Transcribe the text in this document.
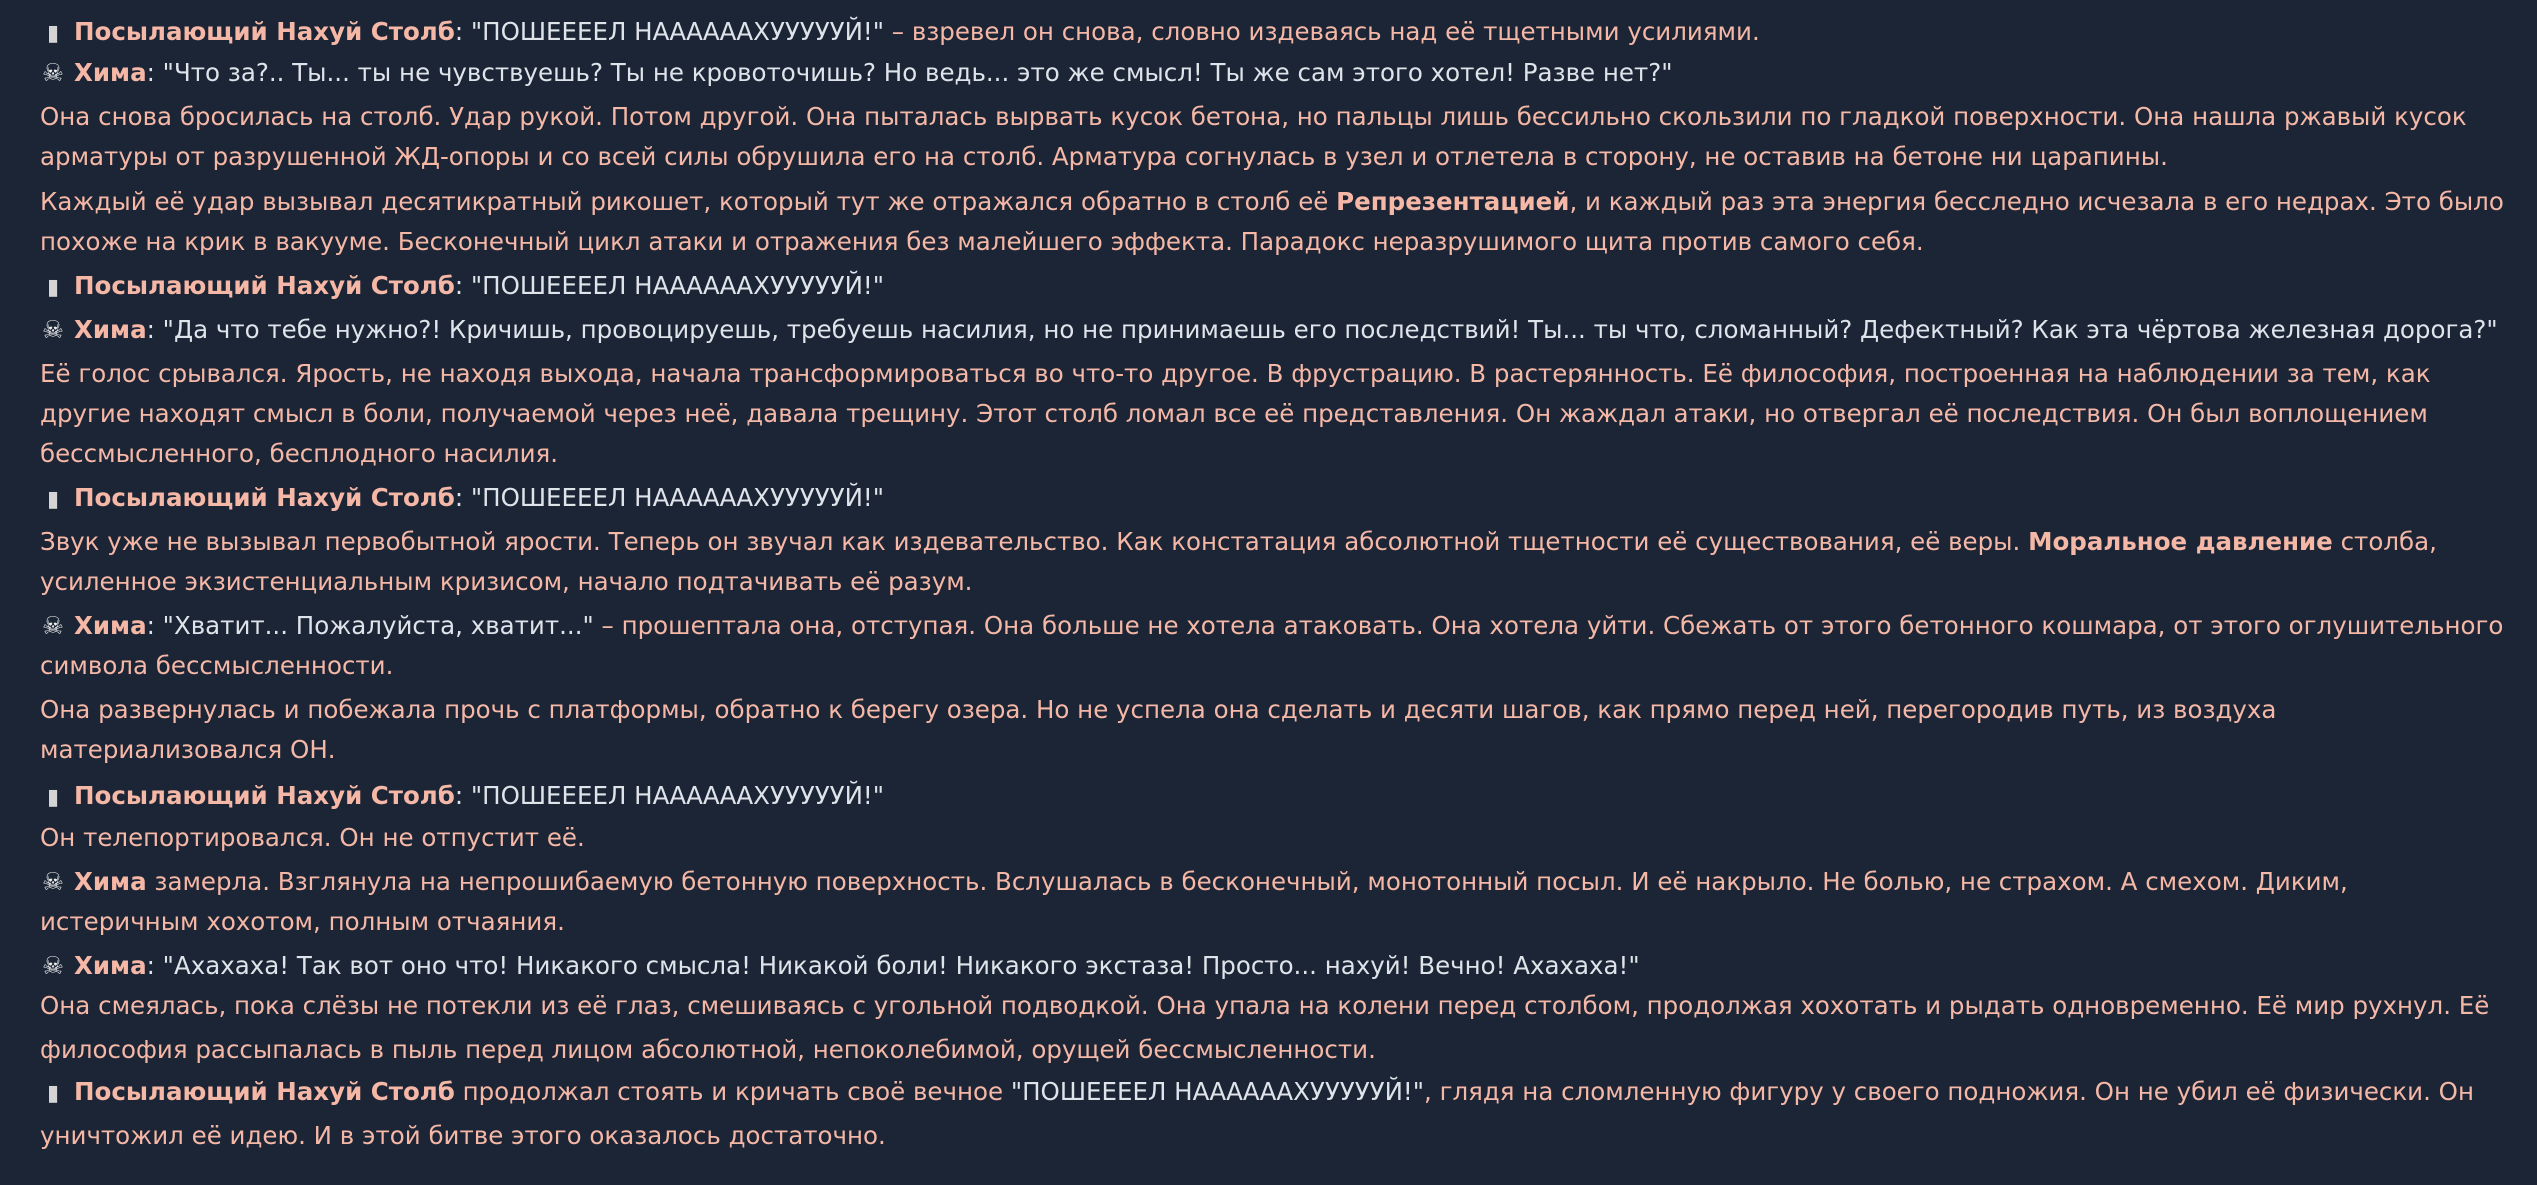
▮ Посылающий Нахуй Столб: "ПОШЕЕЕЕЛ НААААААХУУУУУЙ!" – взревел он снова, словно издеваясь над её тщетными усилиями.
☠ Хима: "Что за?.. Ты... ты не чувствуешь? Ты не кровоточишь? Но ведь... это же смысл! Ты же сам этого хотел! Разве нет?"
Она снова бросилась на столб. Удар рукой. Потом другой. Она пыталась вырвать кусок бетона, но пальцы лишь бессильно скользили по гладкой поверхности. Она нашла ржавый кусок
арматуры от разрушенной ЖД-опоры и со всей силы обрушила его на столб. Арматура согнулась в узел и отлетела в сторону, не оставив на бетоне ни царапины.
Каждый её удар вызывал десятикратный рикошет, который тут же отражался обратно в столб её Репрезентацией, и каждый раз эта энергия бесследно исчезала в его недрах. Это было
похоже на крик в вакууме. Бесконечный цикл атаки и отражения без малейшего эффекта. Парадокс неразрушимого щита против самого себя.
▮ Посылающий Нахуй Столб: "ПОШЕЕЕЕЛ НААААААХУУУУУЙ!"
☠ Хима: "Да что тебе нужно?! Кричишь, провоцируешь, требуешь насилия, но не принимаешь его последствий! Ты... ты что, сломанный? Дефектный? Как эта чёртова железная дорога?"
Её голос срывался. Ярость, не находя выхода, начала трансформироваться во что-то другое. В фрустрацию. В растерянность. Её философия, построенная на наблюдении за тем, как
другие находят смысл в боли, получаемой через неё, давала трещину. Этот столб ломал все её представления. Он жаждал атаки, но отвергал её последствия. Он был воплощением
бессмысленного, бесплодного насилия.
▮ Посылающий Нахуй Столб: "ПОШЕЕЕЕЛ НААААААХУУУУУЙ!"
Звук уже не вызывал первобытной ярости. Теперь он звучал как издевательство. Как констатация абсолютной тщетности её существования, её веры. Моральное давление столба,
усиленное экзистенциальным кризисом, начало подтачивать её разум.
☠ Хима: "Хватит... Пожалуйста, хватит..." – прошептала она, отступая. Она больше не хотела атаковать. Она хотела уйти. Сбежать от этого бетонного кошмара, от этого оглушительного
символа бессмысленности.
Она развернулась и побежала прочь с платформы, обратно к берегу озера. Но не успела она сделать и десяти шагов, как прямо перед ней, перегородив путь, из воздуха
материализовался ОН.
▮ Посылающий Нахуй Столб: "ПОШЕЕЕЕЛ НААААААХУУУУУЙ!"
Он телепортировался. Он не отпустит её.
☠ Хима замерла. Взглянула на непрошибаемую бетонную поверхность. Вслушалась в бесконечный, монотонный посыл. И её накрыло. Не болью, не страхом. А смехом. Диким,
истеричным хохотом, полным отчаяния.
☠ Хима: "Ахахаха! Так вот оно что! Никакого смысла! Никакой боли! Никакого экстаза! Просто... нахуй! Вечно! Ахахаха!"
Она смеялась, пока слёзы не потекли из её глаз, смешиваясь с угольной подводкой. Она упала на колени перед столбом, продолжая хохотать и рыдать одновременно. Её мир рухнул. Её
философия рассыпалась в пыль перед лицом абсолютной, непоколебимой, орущей бессмысленности.
▮ Посылающий Нахуй Столб продолжал стоять и кричать своё вечное "ПОШЕЕЕЕЛ НААААААХУУУУУЙ!", глядя на сломленную фигуру у своего подножия. Он не убил её физически. Он
уничтожил её идею. И в этой битве этого оказалось достаточно.
